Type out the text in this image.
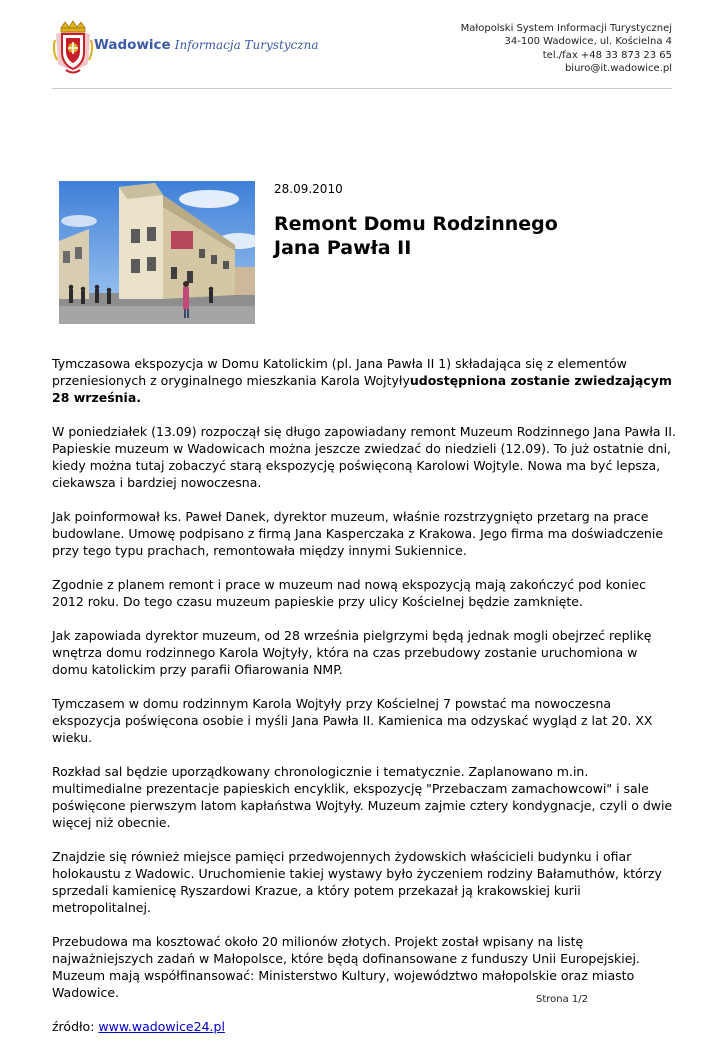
Wadowice Informacja Turystyczna
Małopolski System Informacji Turystycznej
34-100 Wadowice, ul. Kościelna 4
tel./fax +48 33 873 23 65
biuro@it.wadowice.pl
28.09.2010
Remont Domu Rodzinnego
Jana Pawła II

Tymczasowa ekspozycja w Domu Katolickim (pl. Jana Pawła II 1) składająca się z elementów przeniesionych z oryginalnego mieszkania Karola Wojtyłyudostępniona zostanie zwiedzającym 28 września.

W poniedziałek (13.09) rozpoczął się długo zapowiadany remont Muzeum Rodzinnego Jana Pawła II. Papieskie muzeum w Wadowicach można jeszcze zwiedzać do niedzieli (12.09). To już ostatnie dni, kiedy można tutaj zobaczyć starą ekspozycję poświęconą Karolowi Wojtyle. Nowa ma być lepsza, ciekawsza i bardziej nowoczesna.

Jak poinformował ks. Paweł Danek, dyrektor muzeum, właśnie rozstrzygnięto przetarg na prace budowlane. Umowę podpisano z firmą Jana Kasperczaka z Krakowa. Jego firma ma doświadczenie przy tego typu prachach, remontowała między innymi Sukiennice.

Zgodnie z planem remont i prace w muzeum nad nową ekspozycją mają zakończyć pod koniec 2012 roku. Do tego czasu muzeum papieskie przy ulicy Kościelnej będzie zamknięte.

Jak zapowiada dyrektor muzeum, od 28 września pielgrzymi będą jednak mogli obejrzeć replikę wnętrza domu rodzinnego Karola Wojtyły, która na czas przebudowy zostanie uruchomiona w domu katolickim przy parafii Ofiarowania NMP.

Tymczasem w domu rodzinnym Karola Wojtyły przy Kościelnej 7 powstać ma nowoczesna ekspozycja poświęcona osobie i myśli Jana Pawła II. Kamienica ma odzyskać wygląd z lat 20. XX wieku.

Rozkład sal będzie uporządkowany chronologicznie i tematycznie. Zaplanowano m.in. multimedialne prezentacje papieskich encyklik, ekspozycję "Przebaczam zamachowcowi" i sale poświęcone pierwszym latom kapłaństwa Wojtyły. Muzeum zajmie cztery kondygnacje, czyli o dwie więcej niż obecnie.

Znajdzie się również miejsce pamięci przedwojennych żydowskich właścicieli budynku i ofiar holokaustu z Wadowic. Uruchomienie takiej wystawy było życzeniem rodziny Bałamuthów, którzy sprzedali kamienicę Ryszardowi Krazue, a który potem przekazał ją krakowskiej kurii metropolitalnej.

Przebudowa ma kosztować około 20 milionów złotych. Projekt został wpisany na listę najważniejszych zadań w Małopolsce, które będą dofinansowane z funduszy Unii Europejskiej. Muzeum mają współfinansować: Ministerstwo Kultury, województwo małopolskie oraz miasto Wadowice.

źródło: www.wadowice24.pl

Strona 1/2
